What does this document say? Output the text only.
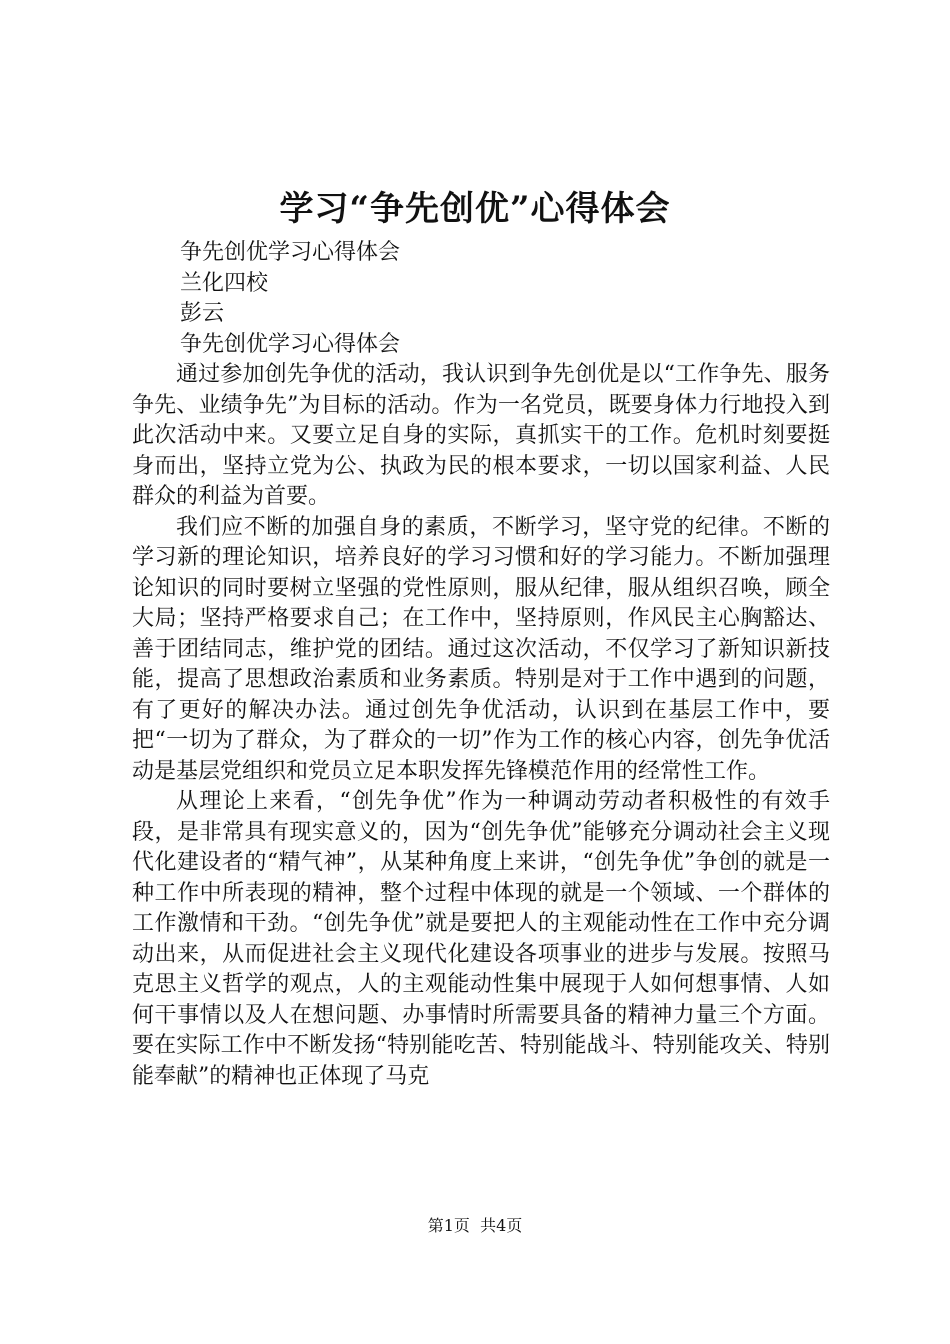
学习“争先创优”心得体会

争先创优学习心得体会

兰化四校

彭云

争先创优学习心得体会

通过参加创先争优的活动，我认识到争先创优是以“工作争先、服务争先、业绩争先”为目标的活动。作为一名党员，既要身体力行地投入到此次活动中来。又要立足自身的实际，真抓实干的工作。危机时刻要挺身而出，坚持立党为公、执政为民的根本要求，一切以国家利益、人民群众的利益为首要。

我们应不断的加强自身的素质，不断学习，坚守党的纪律。不断的学习新的理论知识，培养良好的学习习惯和好的学习能力。不断加强理论知识的同时要树立坚强的党性原则，服从纪律，服从组织召唤，顾全大局；坚持严格要求自己；在工作中，坚持原则，作风民主心胸豁达、善于团结同志，维护党的团结。通过这次活动，不仅学习了新知识新技能，提高了思想政治素质和业务素质。特别是对于工作中遇到的问题，有了更好的解决办法。通过创先争优活动，认识到在基层工作中，要把“一切为了群众，为了群众的一切”作为工作的核心内容，创先争优活动是基层党组织和党员立足本职发挥先锋模范作用的经常性工作。

从理论上来看，“创先争优”作为一种调动劳动者积极性的有效手段，是非常具有现实意义的，因为“创先争优”能够充分调动社会主义现代化建设者的“精气神”，从某种角度上来讲，“创先争优”争创的就是一种工作中所表现的精神，整个过程中体现的就是一个领域、一个群体的工作激情和干劲。“创先争优”就是要把人的主观能动性在工作中充分调动出来，从而促进社会主义现代化建设各项事业的进步与发展。按照马克思主义哲学的观点，人的主观能动性集中展现于人如何想事情、人如何干事情以及人在想问题、办事情时所需要具备的精神力量三个方面。要在实际工作中不断发扬“特别能吃苦、特别能战斗、特别能攻关、特别能奉献”的精神也正体现了马克

第1页 共4页
